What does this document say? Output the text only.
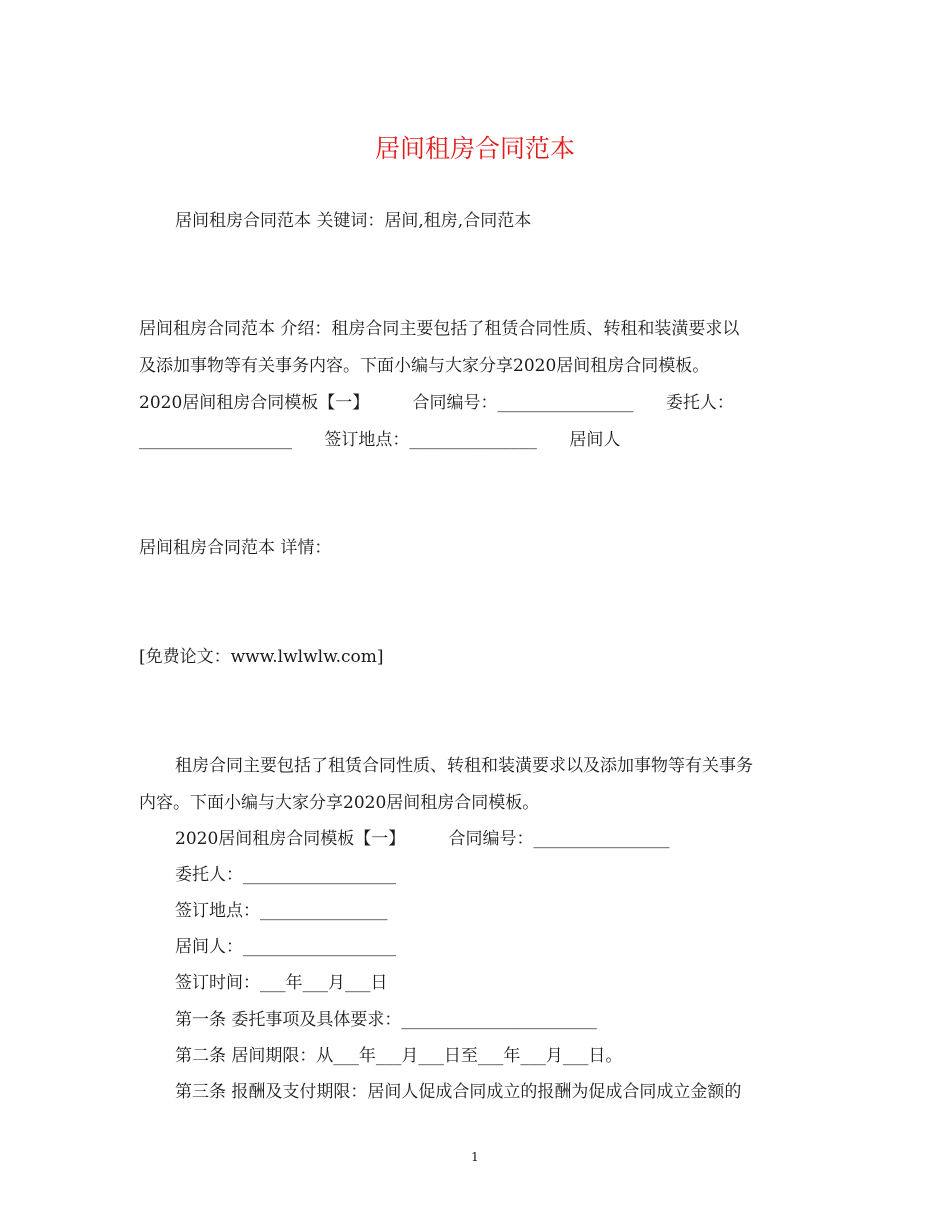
居间租房合同范本
居间租房合同范本 关键词：居间,租房,合同范本
居间租房合同范本 介绍：租房合同主要包括了租赁合同性质、转租和装潢要求以
及添加事物等有关事务内容。下面小编与大家分享2020居间租房合同模板。
2020居间租房合同模板【一】        合同编号：________________      委托人：
__________________      签订地点：_______________      居间人
居间租房合同范本 详情：
[免费论文：www.lwlwlw.com]
租房合同主要包括了租赁合同性质、转租和装潢要求以及添加事物等有关事务
内容。下面小编与大家分享2020居间租房合同模板。
2020居间租房合同模板【一】        合同编号：________________
委托人：__________________
签订地点：_______________
居间人：__________________
签订时间：___年___月___日
第一条 委托事项及具体要求：_______________________
第二条 居间期限：从___年___月___日至___年___月___日。
第三条 报酬及支付期限：居间人促成合同成立的报酬为促成合同成立金额的
1
